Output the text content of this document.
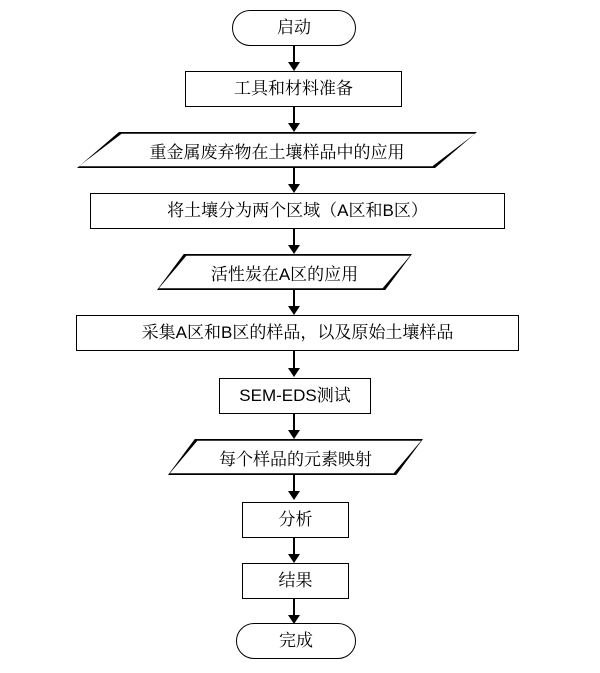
启动
工具和材料准备
重金属废弃物在土壤样品中的应用
将土壤分为两个区域（A区和B区）
活性炭在A区的应用
采集A区和B区的样品，以及原始土壤样品
SEM-EDS测试
每个样品的元素映射
分析
结果
完成
